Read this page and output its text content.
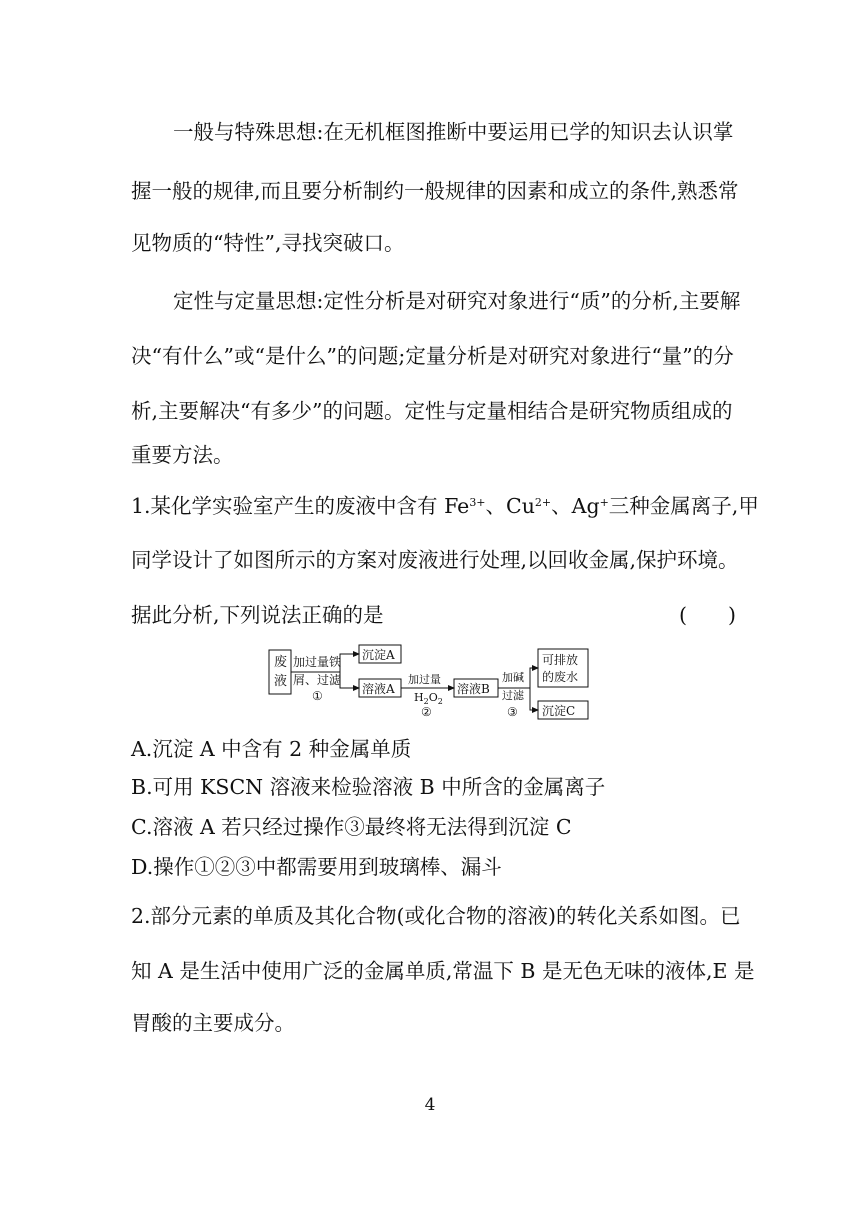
一般与特殊思想:在无机框图推断中要运用已学的知识去认识掌
握一般的规律,而且要分析制约一般规律的因素和成立的条件,熟悉常
见物质的“特性”,寻找突破口。
定性与定量思想:定性分析是对研究对象进行“质”的分析,主要解
决“有什么”或“是什么”的问题;定量分析是对研究对象进行“量”的分
析,主要解决“有多少”的问题。定性与定量相结合是研究物质组成的
重要方法。
1.某化学实验室产生的废液中含有 $Fe^{3+}$、$Cu^{2+}$、Ag+三种金属离子,甲
同学设计了如图所示的方案对废液进行处理,以回收金属,保护环境。
据此分析,下列说法正确的是	(　　)
废
液
加过量铁
屑、过滤
①
沉淀A
溶液A
加过量
$H_2O_2$
②
溶液B
加碱
过滤
③
可排放
的废水
沉淀C
A.沉淀 A 中含有 2 种金属单质
B.可用 KSCN 溶液来检验溶液 B 中所含的金属离子
C.溶液 A 若只经过操作③最终将无法得到沉淀 C
D.操作①②③中都需要用到玻璃棒、漏斗
2.部分元素的单质及其化合物(或化合物的溶液)的转化关系如图。已
知 A 是生活中使用广泛的金属单质,常温下 B 是无色无味的液体,E 是
胃酸的主要成分。
4
